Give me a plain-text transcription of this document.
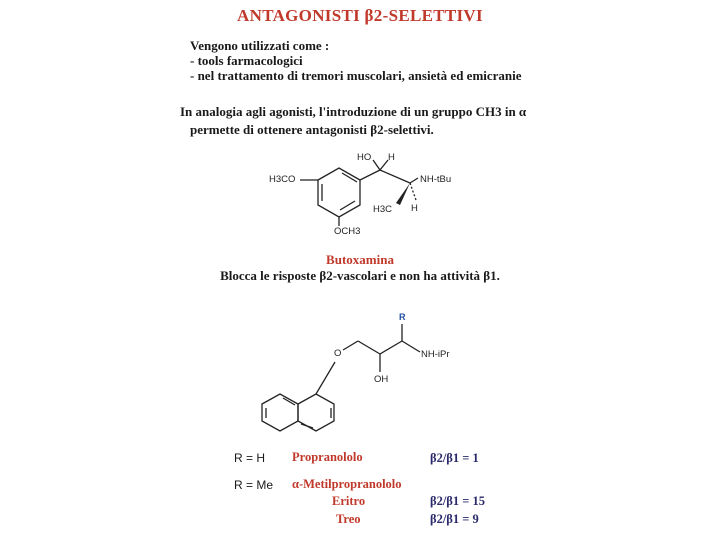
ANTAGONISTI β2-SELETTIVI
Vengono utilizzati come :
- tools farmacologici
- nel trattamento di tremori muscolari, ansietà ed emicranie
In analogia agli agonisti, l'introduzione di un gruppo CH3 in α
permette di ottenere antagonisti β2-selettivi.
H3CO
HO H
NH-tBu
H3C H
OCH3
Butoxamina
Blocca le risposte β2-vascolari e non ha attività β1.
R
O	NH-iPr
OH
R = H Propranololo	β2/β1 = 1
R = Me α-Metilpropranololo
Eritro	β2/β1 = 15
Treo	β2/β1 = 9
